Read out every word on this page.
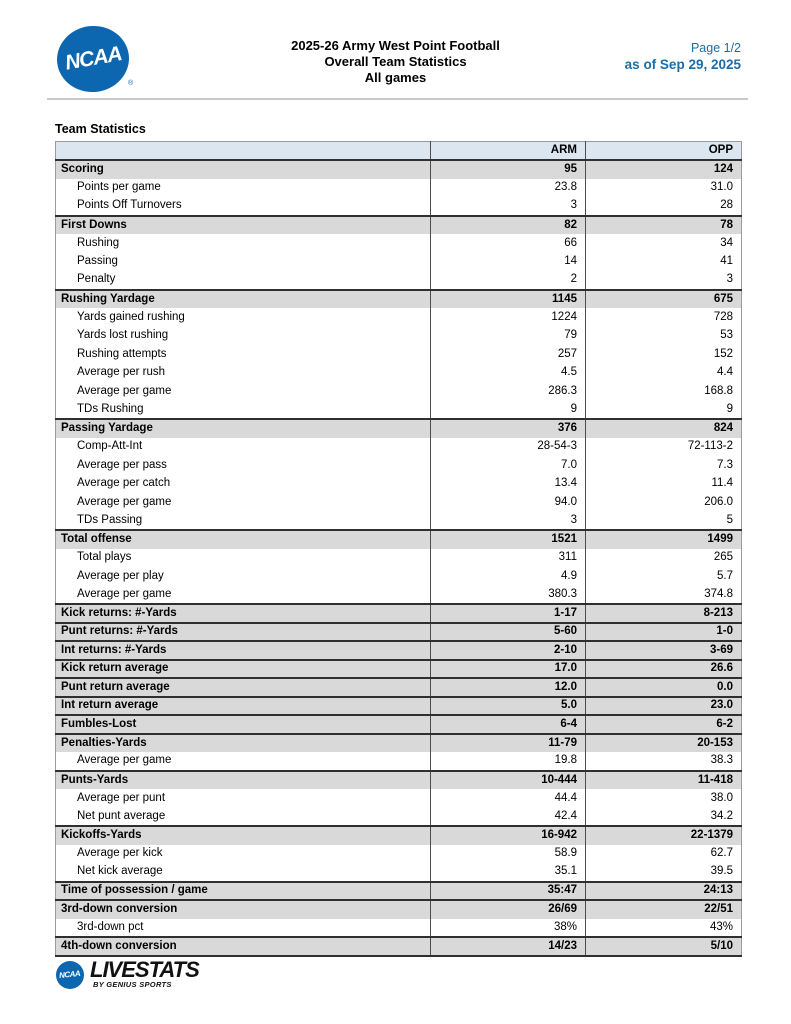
NCAA
®
2025-26 Army West Point Football
Overall Team Statistics
All games
Page 1/2
as of Sep 29, 2025
Team Statistics
	ARM	OPP
Scoring	95	124
Points per game	23.8	31.0
Points Off Turnovers	3	28
First Downs	82	78
Rushing	66	34
Passing	14	41
Penalty	2	3
Rushing Yardage	1145	675
Yards gained rushing	1224	728
Yards lost rushing	79	53
Rushing attempts	257	152
Average per rush	4.5	4.4
Average per game	286.3	168.8
TDs Rushing	9	9
Passing Yardage	376	824
Comp-Att-Int	28-54-3	72-113-2
Average per pass	7.0	7.3
Average per catch	13.4	11.4
Average per game	94.0	206.0
TDs Passing	3	5
Total offense	1521	1499
Total plays	311	265
Average per play	4.9	5.7
Average per game	380.3	374.8
Kick returns: #-Yards	1-17	8-213
Punt returns: #-Yards	5-60	1-0
Int returns: #-Yards	2-10	3-69
Kick return average	17.0	26.6
Punt return average	12.0	0.0
Int return average	5.0	23.0
Fumbles-Lost	6-4	6-2
Penalties-Yards	11-79	20-153
Average per game	19.8	38.3
Punts-Yards	10-444	11-418
Average per punt	44.4	38.0
Net punt average	42.4	34.2
Kickoffs-Yards	16-942	22-1379
Average per kick	58.9	62.7
Net kick average	35.1	39.5
Time of possession / game	35:47	24:13
3rd-down conversion	26/69	22/51
3rd-down pct	38%	43%
4th-down conversion	14/23	5/10
NCAA LIVESTATS
BY GENIUS SPORTS
